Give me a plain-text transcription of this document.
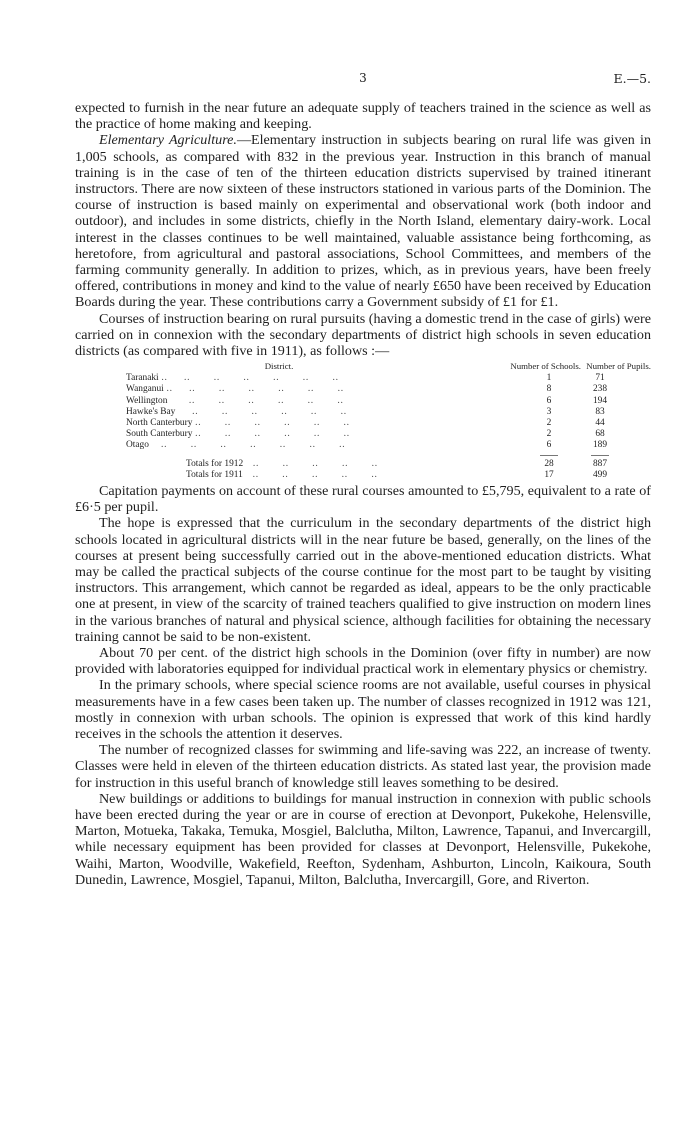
3	E.—5.

expected to furnish in the near future an adequate supply of teachers trained in the science as well as the practice of home making and keeping.

Elementary Agriculture.—Elementary instruction in subjects bearing on rural life was given in 1,005 schools, as compared with 832 in the previous year. Instruction in this branch of manual training is in the case of ten of the thirteen education districts supervised by trained itinerant instructors. There are now sixteen of these instructors stationed in various parts of the Dominion. The course of instruction is based mainly on experimental and observational work (both indoor and outdoor), and includes in some districts, chiefly in the North Island, elementary dairy-work. Local interest in the classes continues to be well maintained, valuable assistance being forthcoming, as heretofore, from agricultural and pastoral associations, School Committees, and members of the farming community generally. In addition to prizes, which, as in previous years, have been freely offered, contributions in money and kind to the value of nearly £650 have been received by Education Boards during the year. These contributions carry a Government subsidy of £1 for £1.

Courses of instruction bearing on rural pursuits (having a domestic trend in the case of girls) were carried on in connexion with the secondary departments of district high schools in seven education districts (as compared with five in 1911), as follows :—

District.	Number of Schools. Number of Pupils.
Taranaki ‥       ‥          ‥          ‥          ‥          ‥          ‥	1	71
Wanganui ‥       ‥          ‥          ‥          ‥          ‥          ‥	8	238
Wellington         ‥          ‥          ‥          ‥          ‥          ‥	6	194
Hawke's Bay       ‥          ‥          ‥          ‥          ‥          ‥	3	83
North Canterbury ‥          ‥          ‥          ‥          ‥          ‥	2	44
South Canterbury ‥          ‥          ‥          ‥          ‥          ‥	2	68
Otago     ‥          ‥          ‥          ‥          ‥          ‥          ‥	6	189
Totals for 1912    ‥          ‥          ‥          ‥          ‥	28	887
Totals for 1911    ‥          ‥          ‥          ‥          ‥	17	499

Capitation payments on account of these rural courses amounted to £5,795, equivalent to a rate of £6·5 per pupil.

The hope is expressed that the curriculum in the secondary departments of the district high schools located in agricultural districts will in the near future be based, generally, on the lines of the courses at present being successfully carried out in the above-mentioned education districts. What may be called the practical subjects of the course continue for the most part to be taught by visiting instructors. This arrangement, which cannot be regarded as ideal, appears to be the only practicable one at present, in view of the scarcity of trained teachers qualified to give instruction on modern lines in the various branches of natural and physical science, although facilities for obtaining the necessary training cannot be said to be non-existent.

About 70 per cent. of the district high schools in the Dominion (over fifty in number) are now provided with laboratories equipped for individual practical work in elementary physics or chemistry.

In the primary schools, where special science rooms are not available, useful courses in physical measurements have in a few cases been taken up. The number of classes recognized in 1912 was 121, mostly in connexion with urban schools. The opinion is expressed that work of this kind hardly receives in the schools the attention it deserves.

The number of recognized classes for swimming and life-saving was 222, an increase of twenty. Classes were held in eleven of the thirteen education districts. As stated last year, the provision made for instruction in this useful branch of knowledge still leaves something to be desired.

New buildings or additions to buildings for manual instruction in connexion with public schools have been erected during the year or are in course of erection at Devonport, Pukekohe, Helensville, Marton, Motueka, Takaka, Temuka, Mosgiel, Balclutha, Milton, Lawrence, Tapanui, and Invercargill, while necessary equipment has been provided for classes at Devonport, Helensville, Pukekohe, Waihi, Marton, Woodville, Wakefield, Reefton, Sydenham, Ashburton, Lincoln, Kaikoura, South Dunedin, Lawrence, Mosgiel, Tapanui, Milton, Balclutha, Invercargill, Gore, and Riverton.
